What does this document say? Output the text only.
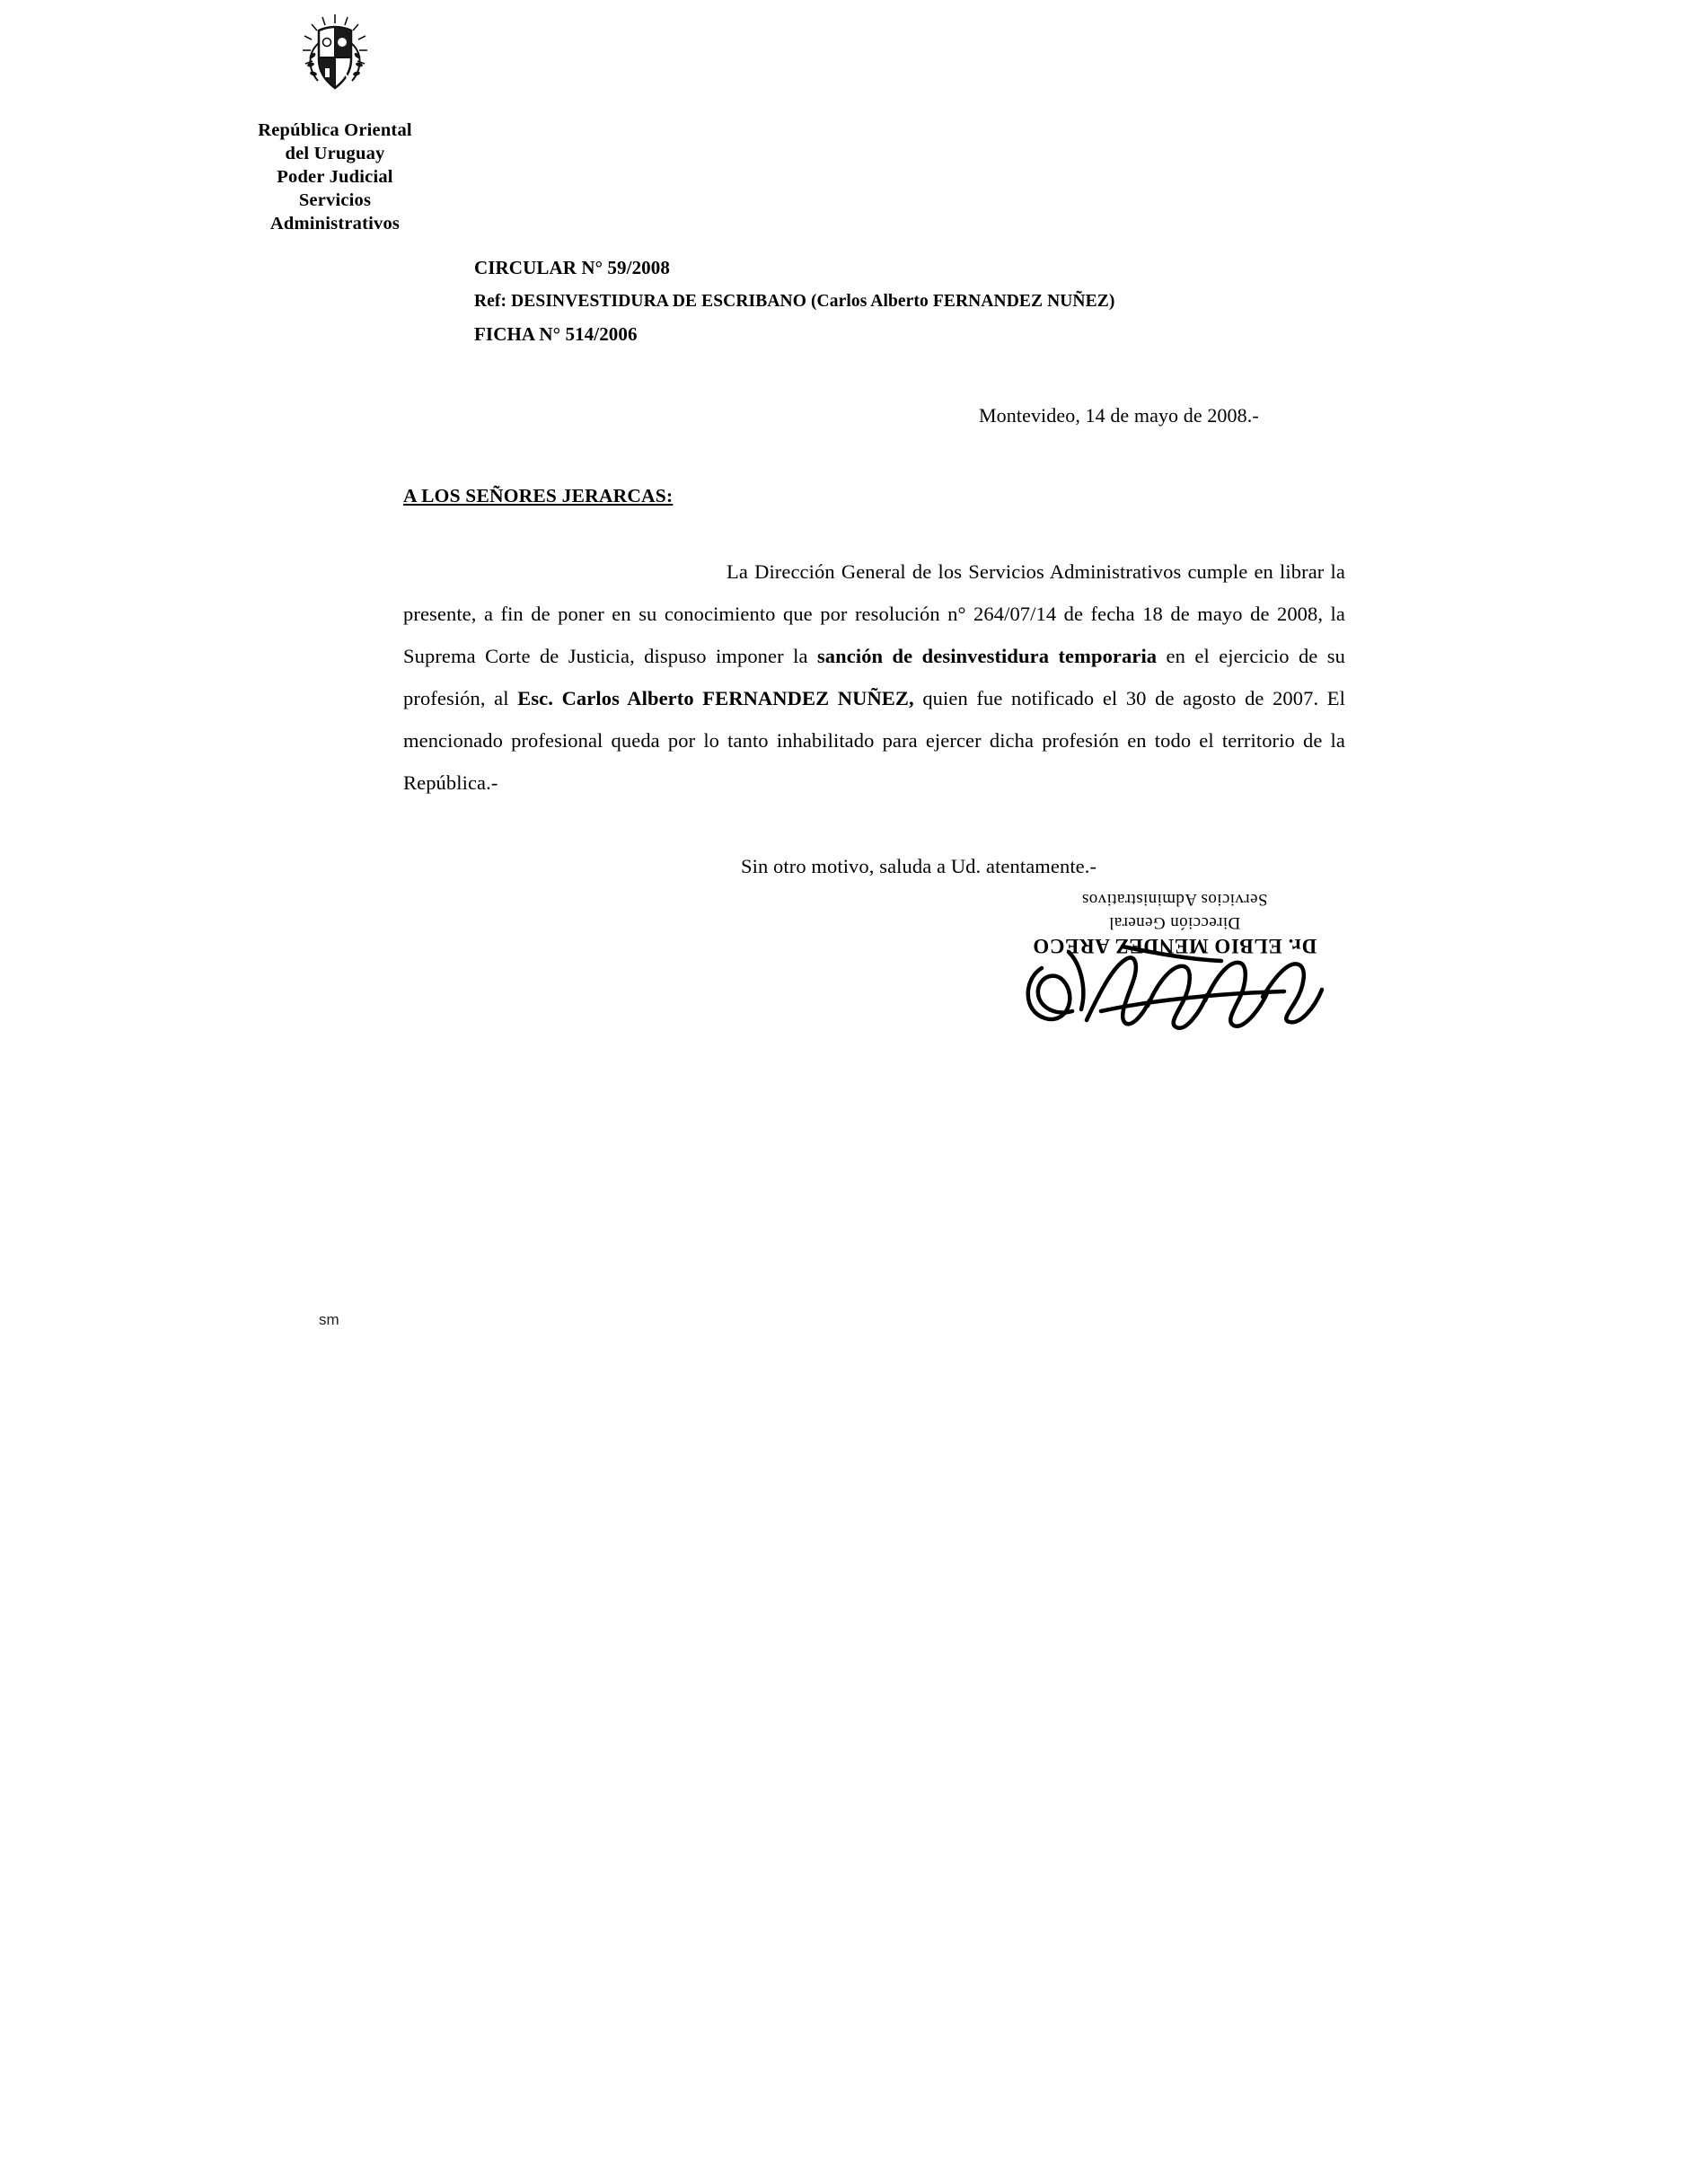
República Oriental
del Uruguay
Poder Judicial
Servicios
Administrativos
CIRCULAR N° 59/2008
Ref: DESINVESTIDURA DE ESCRIBANO (Carlos Alberto FERNANDEZ NUÑEZ)
FICHA N° 514/2006
Montevideo, 14 de mayo de 2008.-
A LOS SEÑORES JERARCAS:
La Dirección General de los Servicios Administrativos cumple en librar la presente, a fin de poner en su conocimiento que por resolución n° 264/07/14 de fecha 18 de mayo de 2008, la Suprema Corte de Justicia, dispuso imponer la sanción de desinvestidura temporaria en el ejercicio de su profesión, al Esc. Carlos Alberto FERNANDEZ NUÑEZ, quien fue notificado el 30 de agosto de 2007. El mencionado profesional queda por lo tanto inhabilitado para ejercer dicha profesión en todo el territorio de la República.-
Sin otro motivo, saluda a Ud. atentamente.-
Dr. ELBIO MENDEZ ARECO
Dirección General
Servicios Administrativos
sm
